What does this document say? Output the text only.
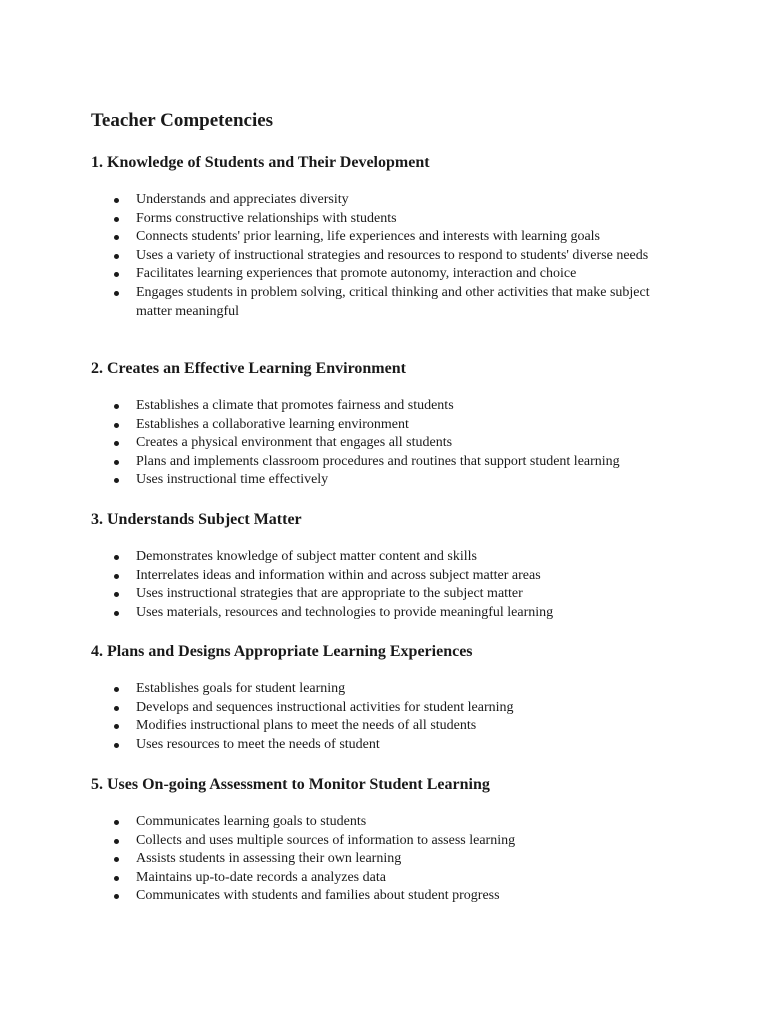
Teacher Competencies
1. Knowledge of Students and Their Development
Understands and appreciates diversity
Forms constructive relationships with students
Connects students' prior learning, life experiences and interests with learning goals
Uses a variety of instructional strategies and resources to respond to students' diverse needs
Facilitates learning experiences that promote autonomy, interaction and choice
Engages students in problem solving, critical thinking and other activities that make subject matter meaningful
2. Creates an Effective Learning Environment
Establishes a climate that promotes fairness and students
Establishes a collaborative learning environment
Creates a physical environment that engages all students
Plans and implements classroom procedures and routines that support student learning
Uses instructional time effectively
3. Understands Subject Matter
Demonstrates knowledge of subject matter content and skills
Interrelates ideas and information within and across subject matter areas
Uses instructional strategies that are appropriate to the subject matter
Uses materials, resources and technologies to provide meaningful learning
4. Plans and Designs Appropriate Learning Experiences
Establishes goals for student learning
Develops and sequences instructional activities for student learning
Modifies instructional plans to meet the needs of all students
Uses resources to meet the needs of student
5. Uses On-going Assessment to Monitor Student Learning
Communicates learning goals to students
Collects and uses multiple sources of information to assess learning
Assists students in assessing their own learning
Maintains up-to-date records a analyzes data
Communicates with students and families about student progress
